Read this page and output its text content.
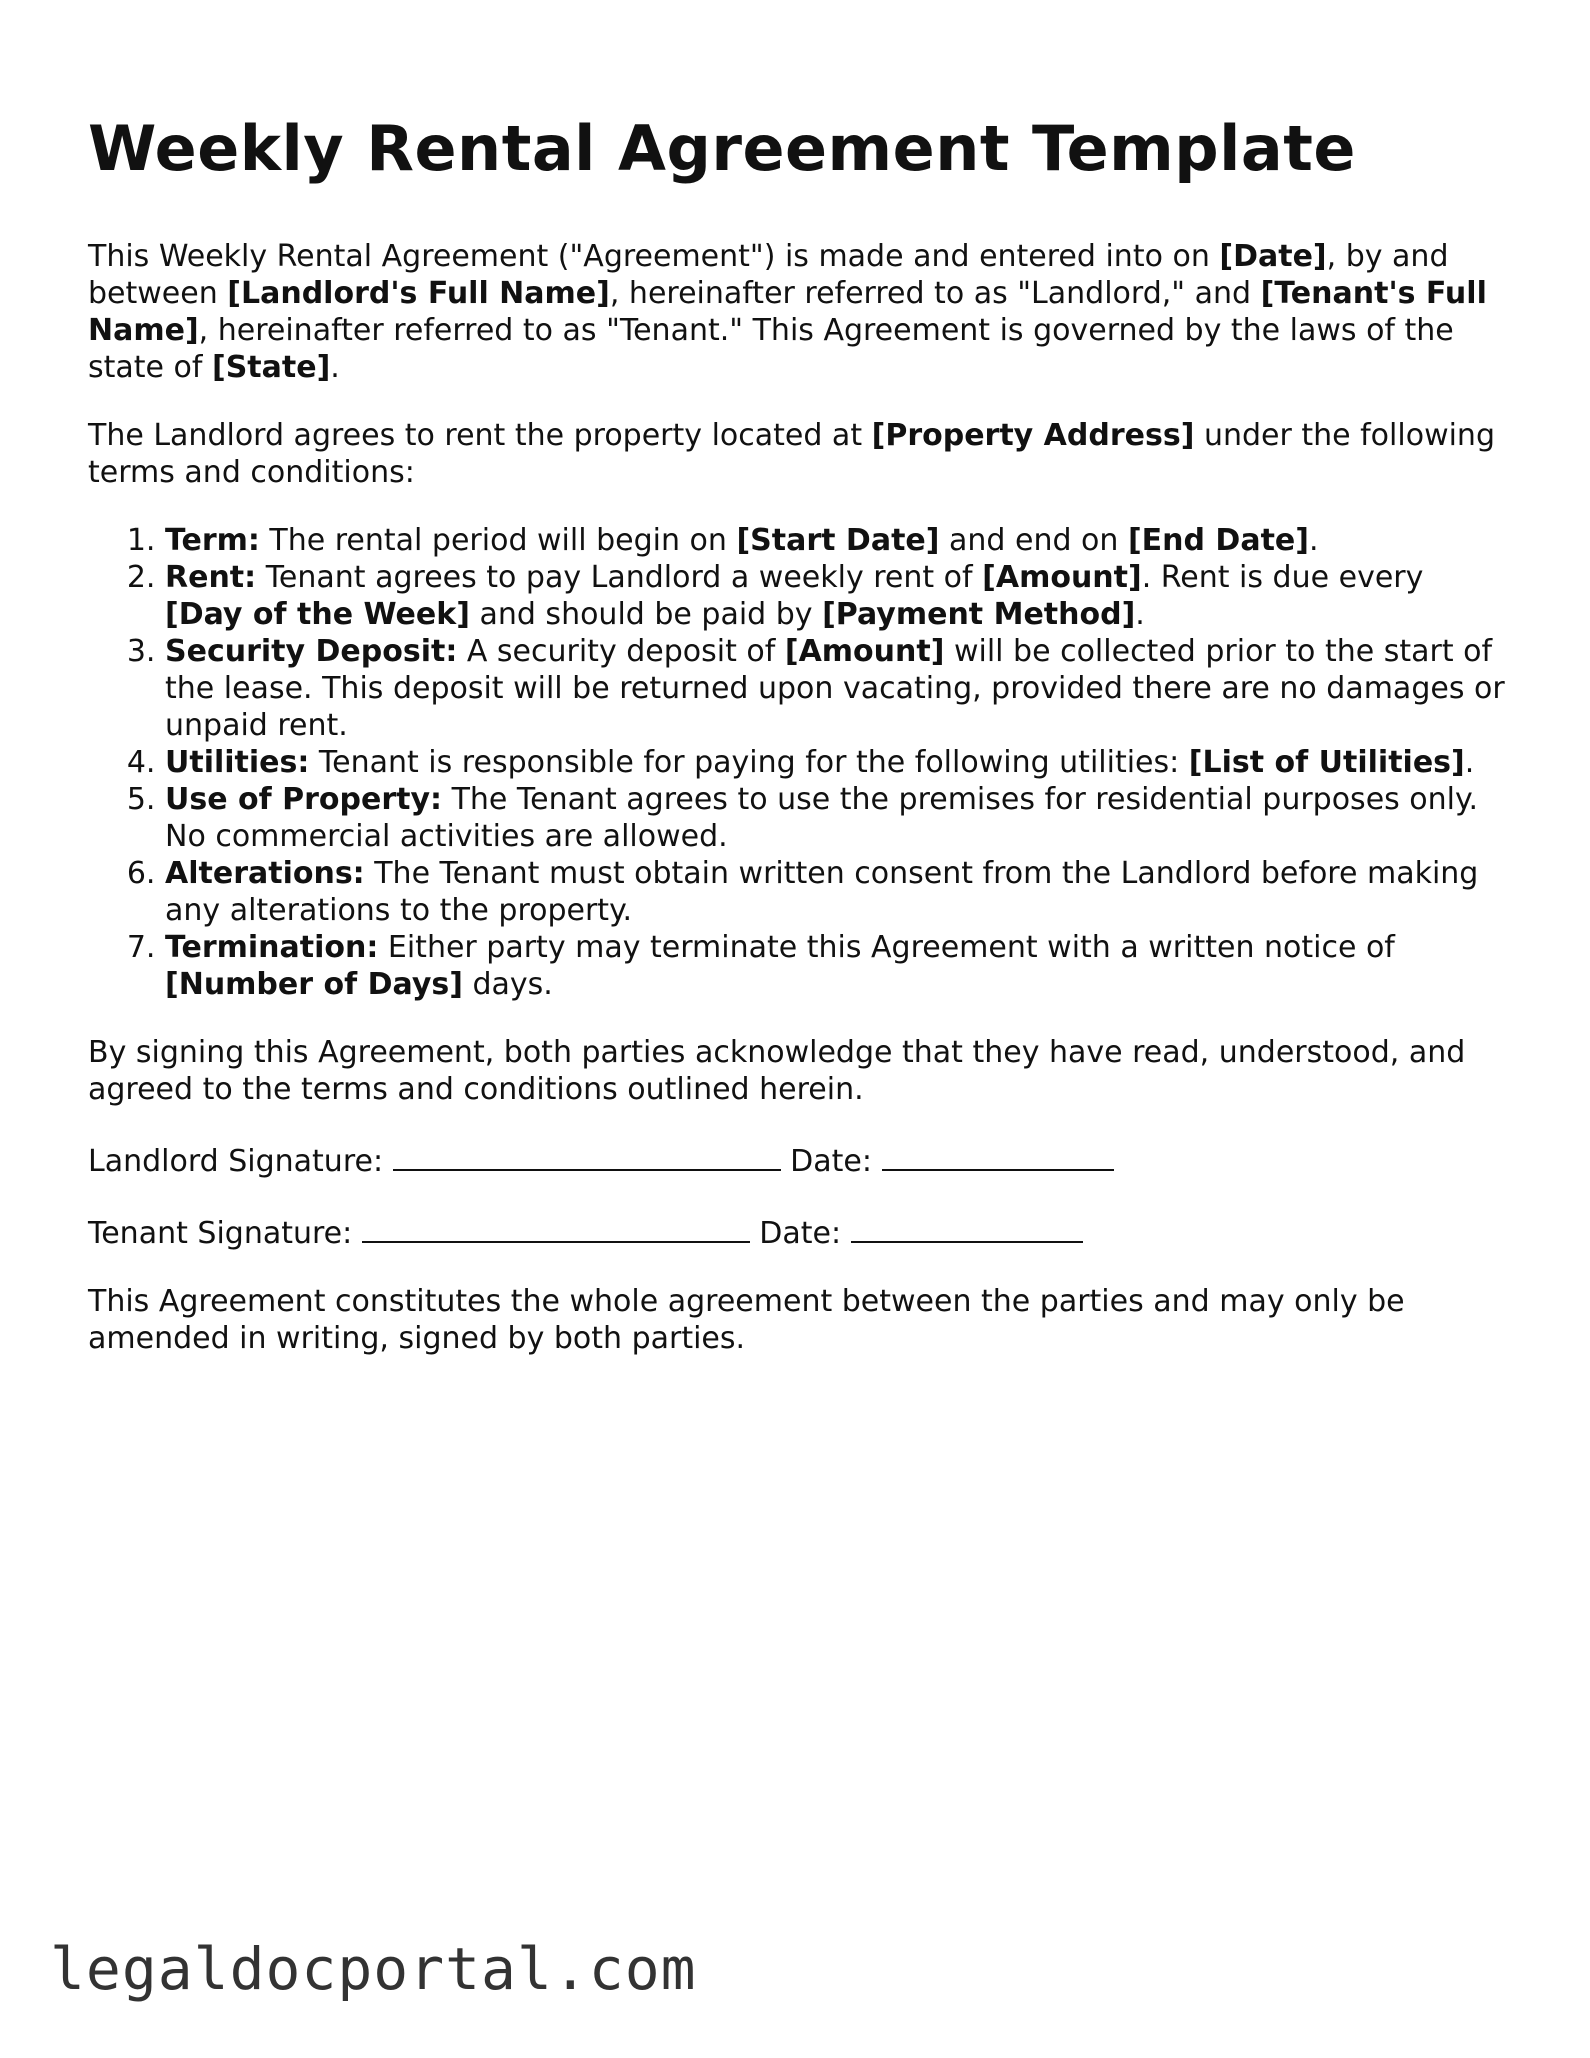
Weekly Rental Agreement Template

This Weekly Rental Agreement ("Agreement") is made and entered into on [Date], by and between [Landlord's Full Name], hereinafter referred to as "Landlord," and [Tenant's Full Name], hereinafter referred to as "Tenant." This Agreement is governed by the laws of the state of [State].

The Landlord agrees to rent the property located at [Property Address] under the following terms and conditions:

1. Term: The rental period will begin on [Start Date] and end on [End Date].
2. Rent: Tenant agrees to pay Landlord a weekly rent of [Amount]. Rent is due every [Day of the Week] and should be paid by [Payment Method].
3. Security Deposit: A security deposit of [Amount] will be collected prior to the start of the lease. This deposit will be returned upon vacating, provided there are no damages or unpaid rent.
4. Utilities: Tenant is responsible for paying for the following utilities: [List of Utilities].
5. Use of Property: The Tenant agrees to use the premises for residential purposes only. No commercial activities are allowed.
6. Alterations: The Tenant must obtain written consent from the Landlord before making any alterations to the property.
7. Termination: Either party may terminate this Agreement with a written notice of [Number of Days] days.

By signing this Agreement, both parties acknowledge that they have read, understood, and agreed to the terms and conditions outlined herein.

Landlord Signature:	Date:

Tenant Signature:	Date:

This Agreement constitutes the whole agreement between the parties and may only be amended in writing, signed by both parties.

legaldocportal.com
